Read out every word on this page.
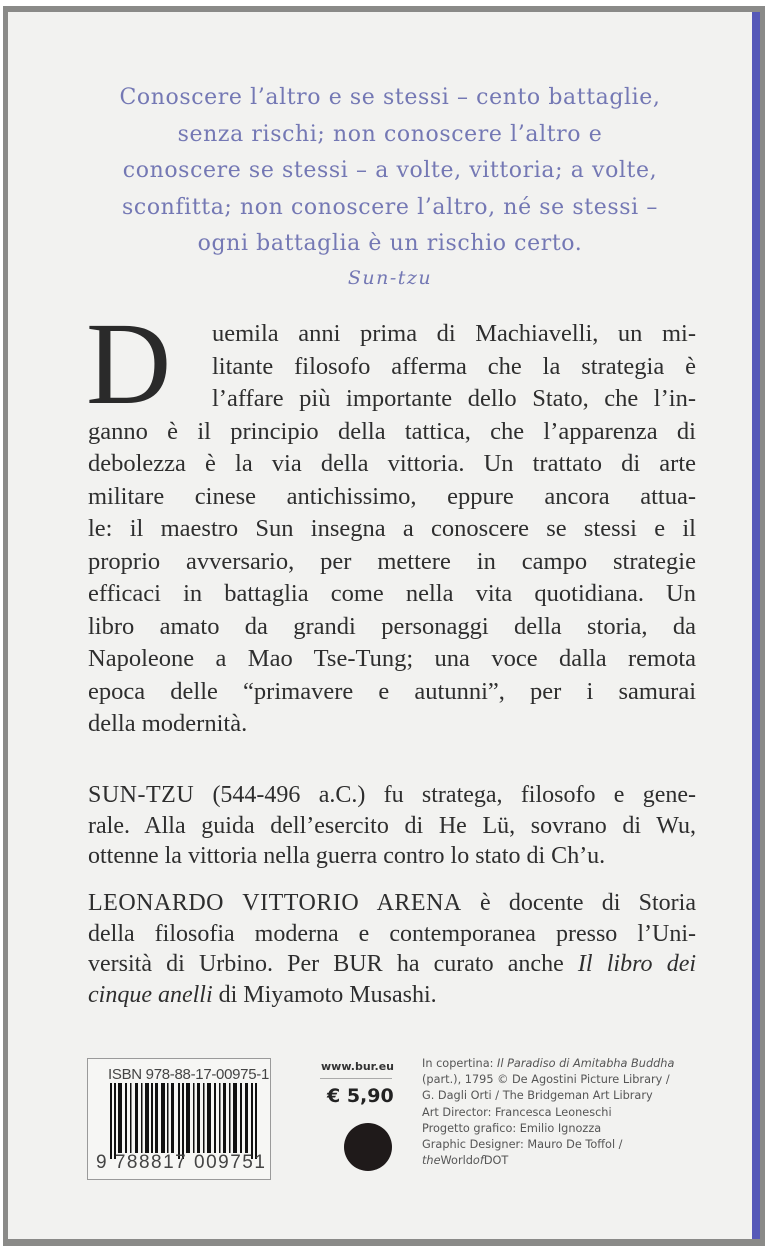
Conoscere l’altro e se stessi – cento battaglie,
senza rischi; non conoscere l’altro e
conoscere se stessi – a volte, vittoria; a volte,
sconfitta; non conoscere l’altro, né se stessi –
ogni battaglia è un rischio certo.
Sun-tzu
D	uemila anni prima di Machiavelli, un mi-
litante filosofo afferma che la strategia è
l’affare più importante dello Stato, che l’in-
ganno è il principio della tattica, che l’apparenza di
debolezza è la via della vittoria. Un trattato di arte
militare cinese antichissimo, eppure ancora attua-
le: il maestro Sun insegna a conoscere se stessi e il
proprio avversario, per mettere in campo strategie
efficaci in battaglia come nella vita quotidiana. Un
libro amato da grandi personaggi della storia, da
Napoleone a Mao Tse-Tung; una voce dalla remota
epoca delle “primavere e autunni”, per i samurai
della modernità.
SUN-TZU (544-496 a.C.) fu stratega, filosofo e gene-
rale. Alla guida dell’esercito di He Lü, sovrano di Wu,
ottenne la vittoria nella guerra contro lo stato di Ch’u.
LEONARDO VITTORIO ARENA è docente di Storia
della filosofia moderna e contemporanea presso l’Uni-
versità di Urbino. Per BUR ha curato anche Il libro dei
cinque anelli di Miyamoto Musashi.
ISBN 978-88-17-00975-1
9 788817 009751
www.bur.eu
€ 5,90
In copertina: Il Paradiso di Amitabha Buddha
(part.), 1795 © De Agostini Picture Library /
G. Dagli Orti / The Bridgeman Art Library
Art Director: Francesca Leoneschi
Progetto grafico: Emilio Ignozza
Graphic Designer: Mauro De Toffol /
theWorldofDOT
